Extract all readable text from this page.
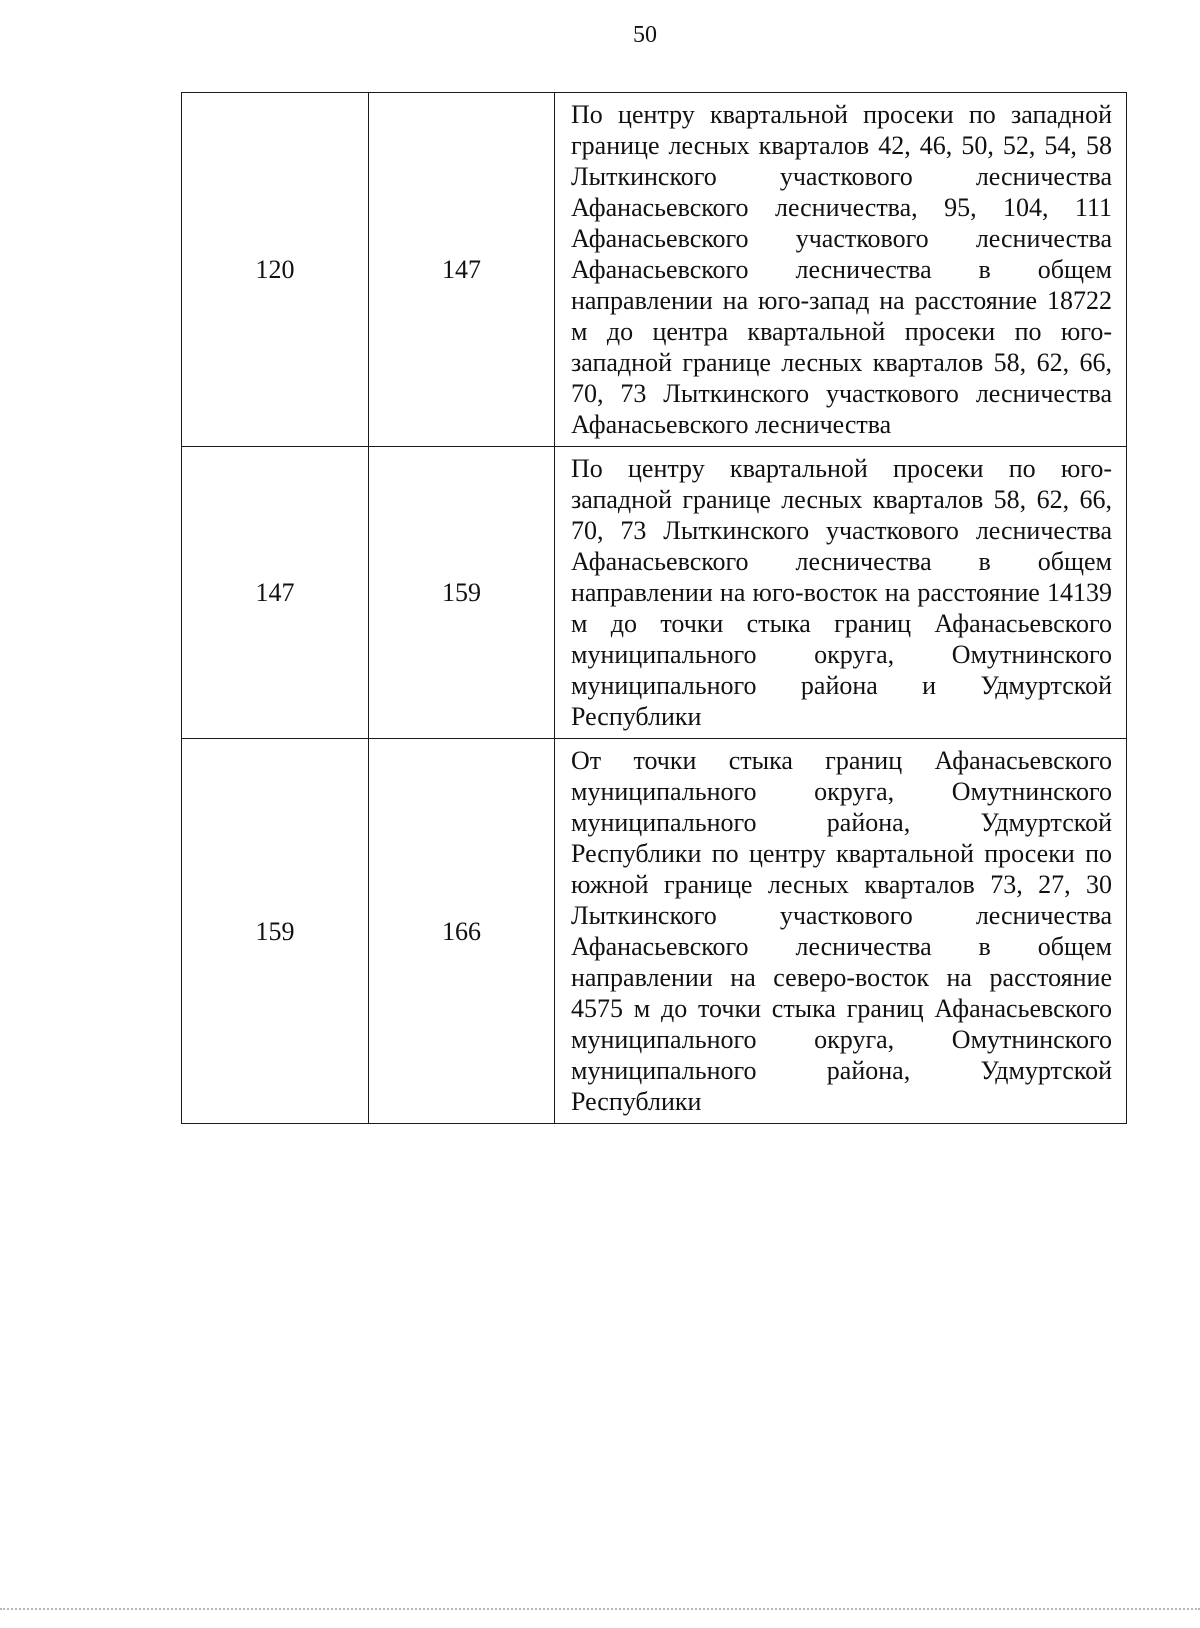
50
120	147	По центру квартальной просеки по западной границе лесных кварталов 42, 46, 50, 52, 54, 58 Лыткинского участкового лесничества Афанасьевского лесничества, 95, 104, 111 Афанасьевского участкового лесничества Афанасьевского лесничества в общем направлении на юго-запад на расстояние 18722 м до центра квартальной просеки по юго-западной границе лесных кварталов 58, 62, 66, 70, 73 Лыткинского участкового лесничества Афанасьевского лесничества
147	159	По центру квартальной просеки по юго-западной границе лесных кварталов 58, 62, 66, 70, 73 Лыткинского участкового лесничества Афанасьевского лесничества в общем направлении на юго-восток на расстояние 14139 м до точки стыка границ Афанасьевского муниципального округа, Омутнинского муниципального района и Удмуртской Республики
159	166	От точки стыка границ Афанасьевского муниципального округа, Омутнинского муниципального района, Удмуртской Республики по центру квартальной просеки по южной границе лесных кварталов 73, 27, 30 Лыткинского участкового лесничества Афанасьевского лесничества в общем направлении на северо-восток на расстояние 4575 м до точки стыка границ Афанасьевского муниципального округа, Омутнинского муниципального района, Удмуртской Республики
